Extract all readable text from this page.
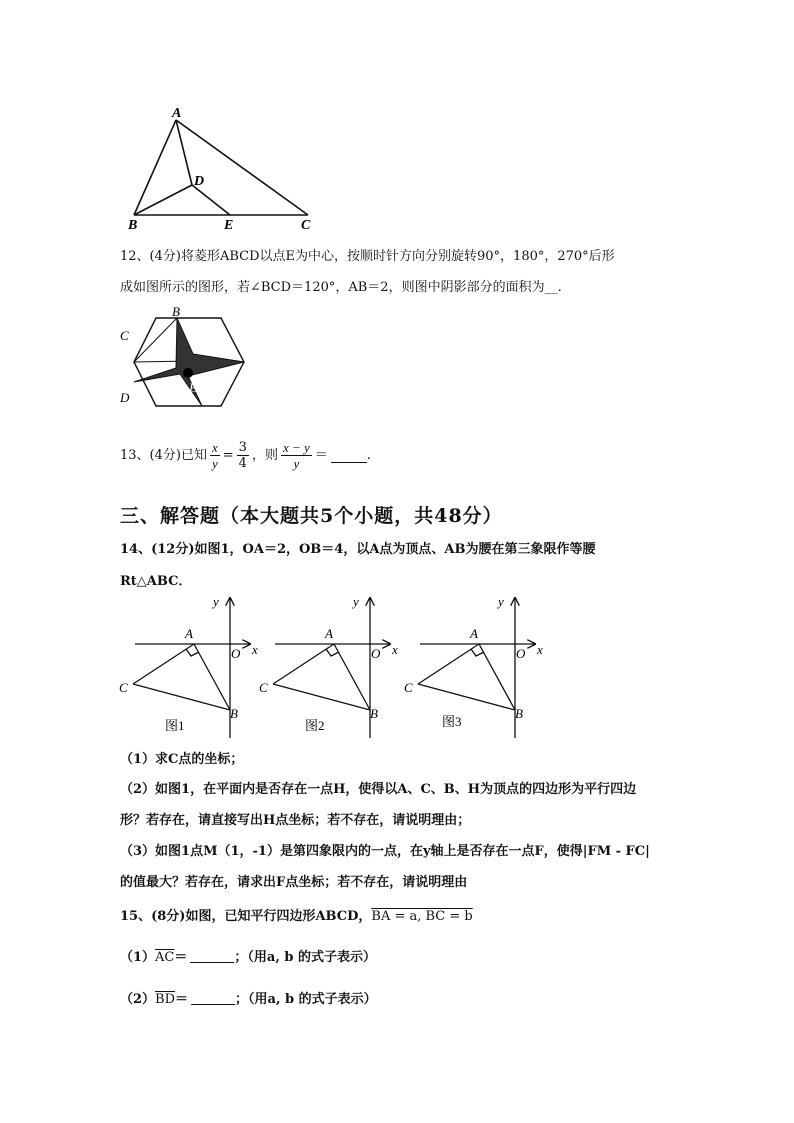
A
D
B	E	C
12、(4分)将菱形ABCD以点E为中心，按顺时针方向分别旋转90°，180°，270°后形
成如图所示的图形，若∠BCD＝120°，AB＝2，则图中阴影部分的面积为__.
B
C
A
E
D
13、(4分) 已知 $\frac{x}{y} = \frac{3}{4}$ ，则 $\frac{x - y}{y}$ ＝	.
三、解答题（本大题共5个小题，共48分）
14、(12分)如图1，OA＝2，OB＝4，以A点为顶点、AB为腰在第三象限作等腰
Rt△ABC．
y
x
A
O
B
C
图1
y
x
A
O
B
C
图2
y
x
A
O
B
C
图3
（1）求C点的坐标；
（2）如图1，在平面内是否存在一点H，使得以A、C、B、H为顶点的四边形为平行四边
形？若存在，请直接写出H点坐标；若不存在，请说明理由；
（3）如图1点M（1，-1）是第四象限内的一点，在y轴上是否存在一点F，使得|FM - FC|
的值最大？若存在，请求出F点坐标；若不存在，请说明理由
15、(8分)如图，已知平行四边形ABCD，BA = a, BC = b
$(1)\overline{AC}=$	；（用a, b 的式子表示）
$(2)\overline{BD}=$	；（用a, b 的式子表示）
